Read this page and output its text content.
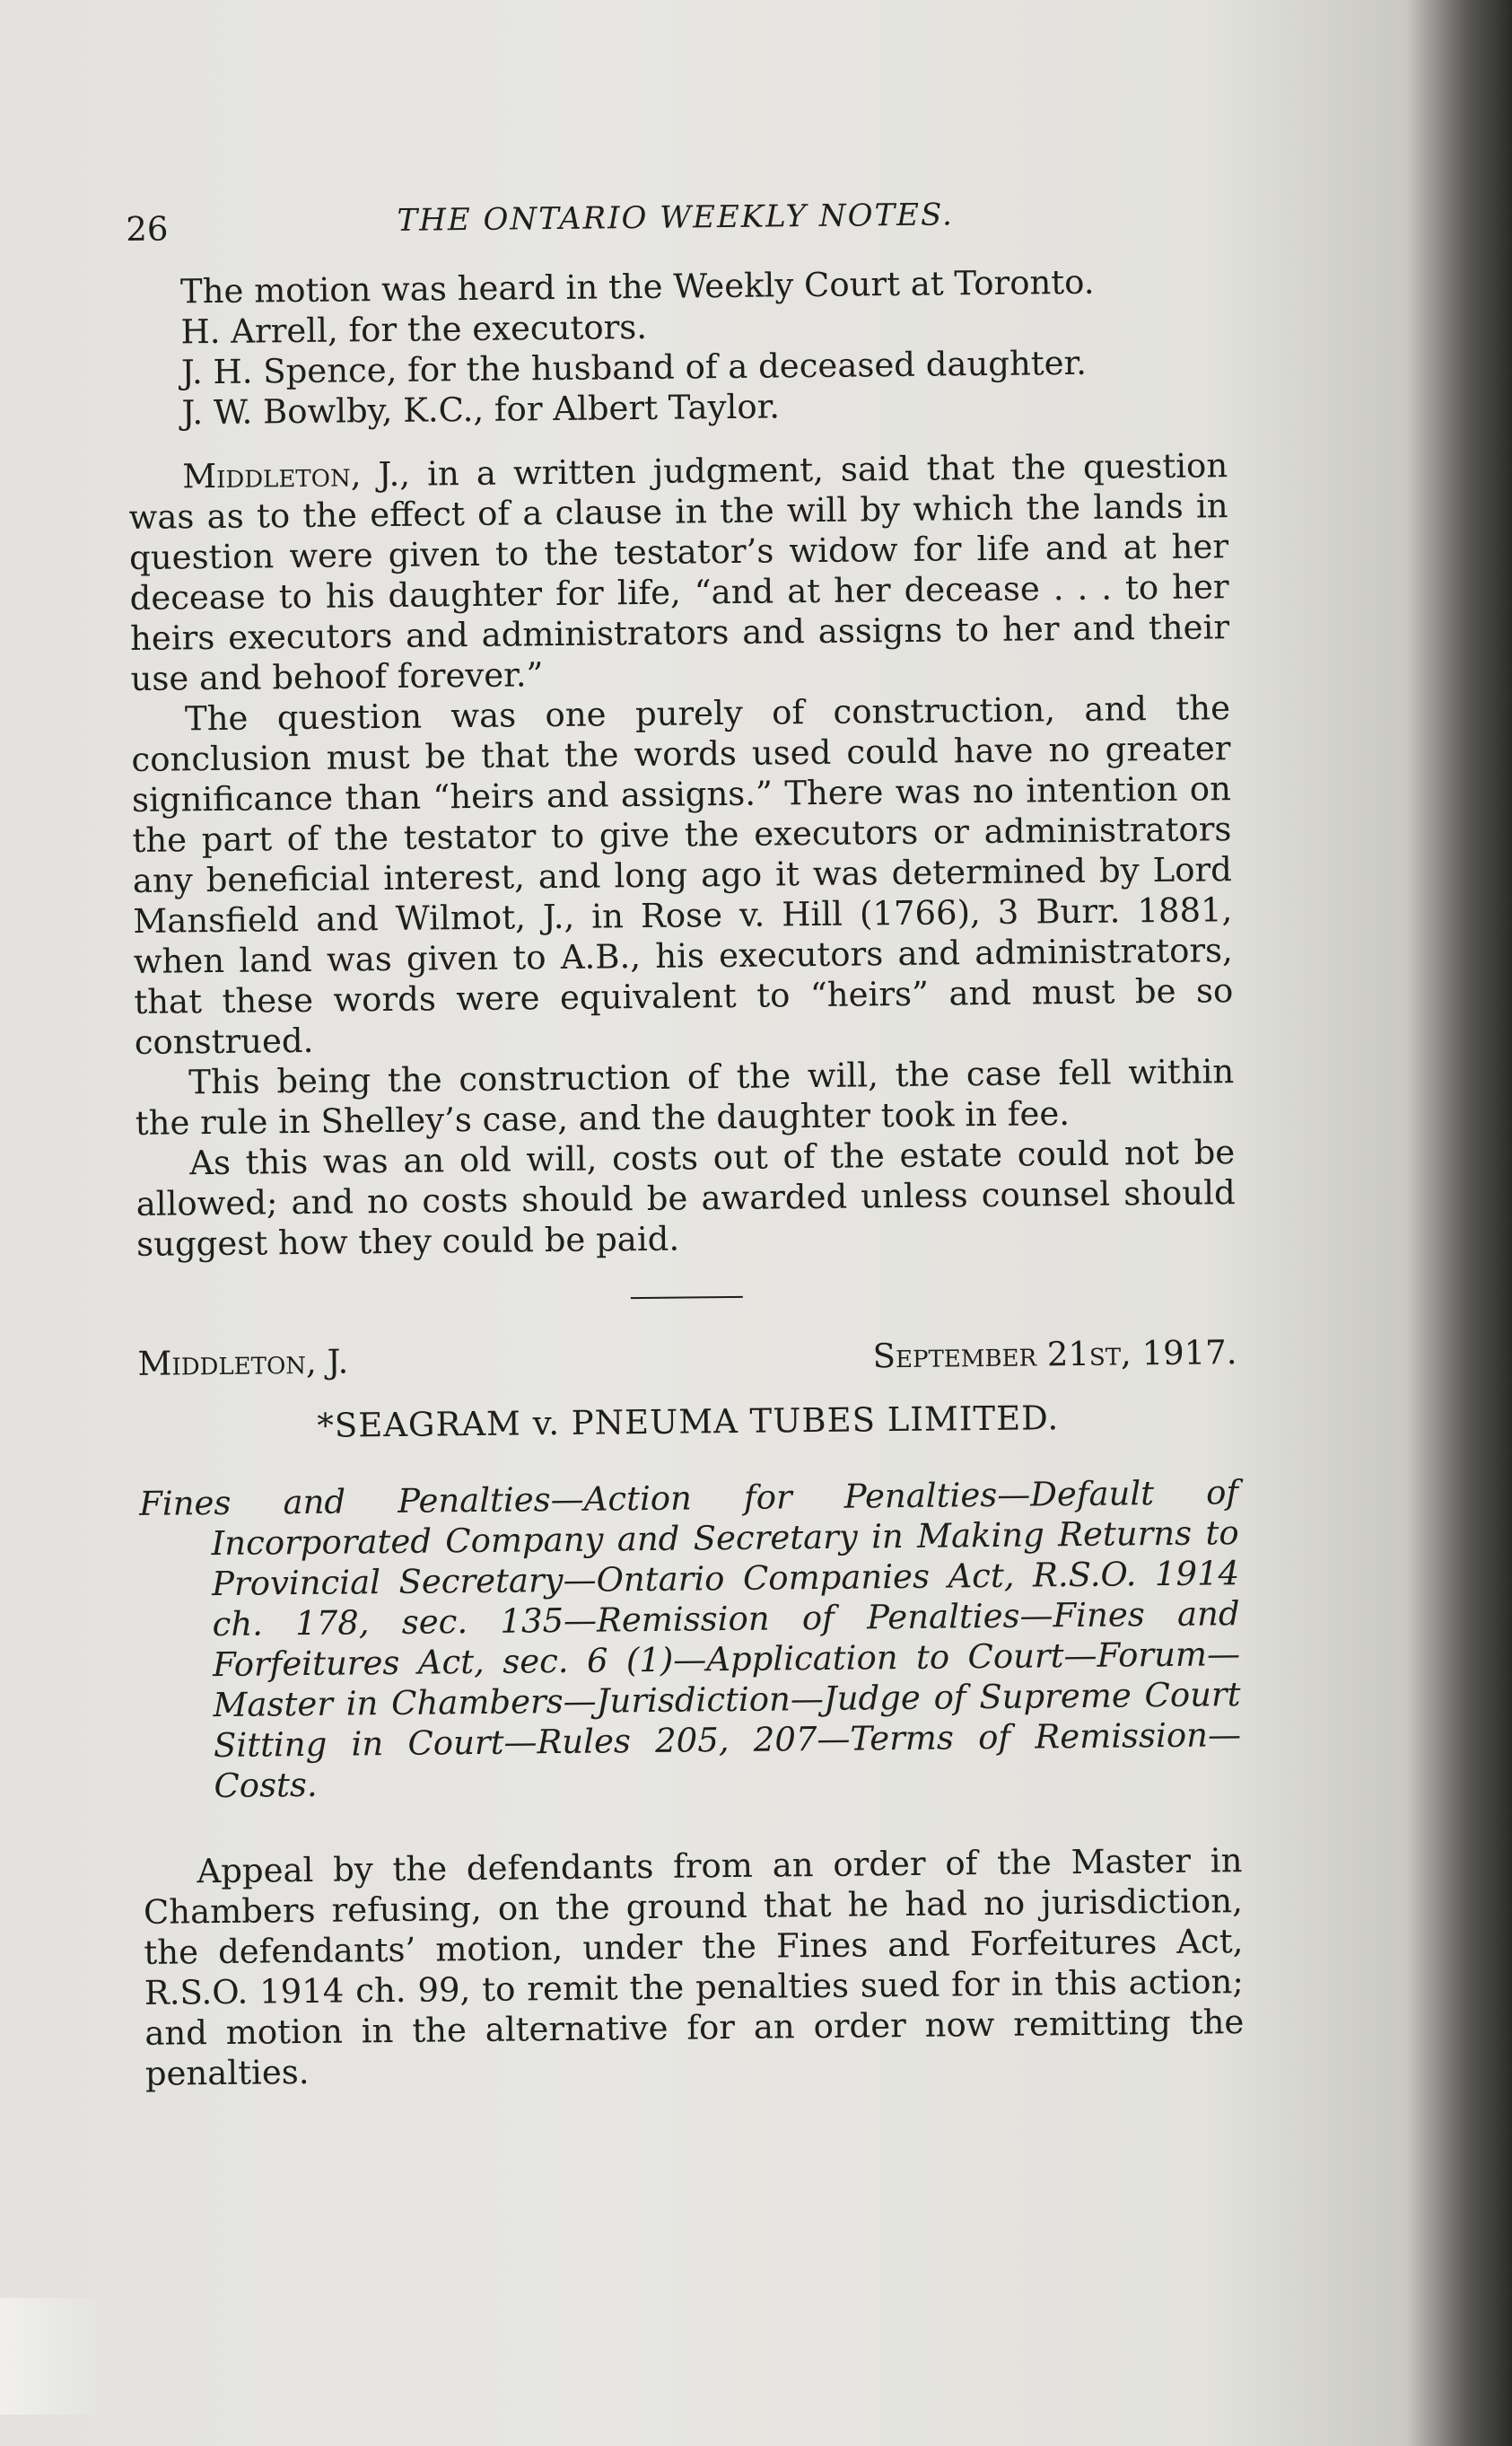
26	THE ONTARIO WEEKLY NOTES.

The motion was heard in the Weekly Court at Toronto.

H. Arrell, for the executors.

J. H. Spence, for the husband of a deceased daughter.

J. W. Bowlby, K.C., for Albert Taylor.

Middleton, J., in a written judgment, said that the question was as to the effect of a clause in the will by which the lands in question were given to the testator’s widow for life and at her decease to his daughter for life, “and at her decease . . . to her heirs executors and administrators and assigns to her and their use and behoof forever.”

The question was one purely of construction, and the conclusion must be that the words used could have no greater significance than “heirs and assigns.” There was no intention on the part of the testator to give the executors or administrators any beneficial interest, and long ago it was determined by Lord Mansfield and Wilmot, J., in Rose v. Hill (1766), 3 Burr. 1881, when land was given to A.B., his executors and administrators, that these words were equivalent to “heirs” and must be so construed.

This being the construction of the will, the case fell within the rule in Shelley’s case, and the daughter took in fee.

As this was an old will, costs out of the estate could not be allowed; and no costs should be awarded unless counsel should suggest how they could be paid.

Middleton, J.	September 21st, 1917.
*SEAGRAM v. PNEUMA TUBES LIMITED.

Fines and Penalties—Action for Penalties—Default of Incorporated Company and Secretary in Making Returns to Provincial Secretary—Ontario Companies Act, R.S.O. 1914 ch. 178, sec. 135—Remission of Penalties—Fines and Forfeitures Act, sec. 6 (1)—Application to Court—Forum—Master in Chambers—Jurisdiction—Judge of Supreme Court Sitting in Court—Rules 205, 207—Terms of Remission—Costs.

Appeal by the defendants from an order of the Master in Chambers refusing, on the ground that he had no jurisdiction, the defendants’ motion, under the Fines and Forfeitures Act, R.S.O. 1914 ch. 99, to remit the penalties sued for in this action; and motion in the alternative for an order now remitting the penalties.
